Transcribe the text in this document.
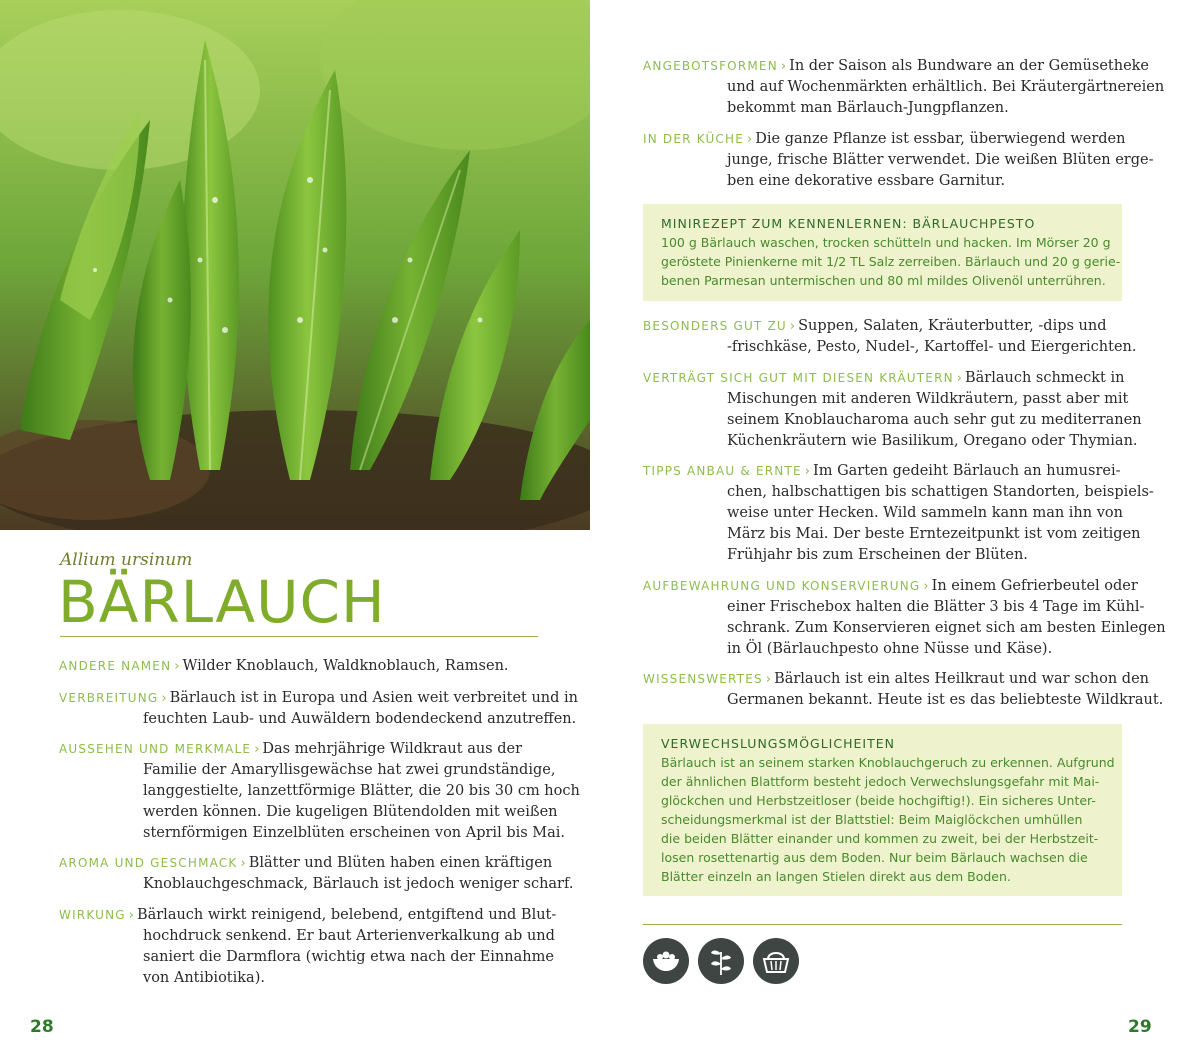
Allium ursinum
BÄRLAUCH
ANDERE NAMEN › Wilder Knoblauch, Waldknoblauch, Ramsen.
VERBREITUNG › Bärlauch ist in Europa und Asien weit verbreitet und in
feuchten Laub- und Auwäldern bodendeckend anzutreffen.
AUSSEHEN UND MERKMALE › Das mehrjährige Wildkraut aus der
Familie der Amaryllisgewächse hat zwei grundständige,
langgestielte, lanzettförmige Blätter, die 20 bis 30 cm hoch
werden können. Die kugeligen Blütendolden mit weißen
sternförmigen Einzelblüten erscheinen von April bis Mai.
AROMA UND GESCHMACK › Blätter und Blüten haben einen kräftigen
Knoblauchgeschmack, Bärlauch ist jedoch weniger scharf.
WIRKUNG › Bärlauch wirkt reinigend, belebend, entgiftend und Blut-
hochdruck senkend. Er baut Arterienverkalkung ab und
saniert die Darmflora (wichtig etwa nach der Einnahme
von Antibiotika).
28
ANGEBOTSFORMEN › In der Saison als Bundware an der Gemüsetheke
und auf Wochenmärkten erhältlich. Bei Kräutergärtnereien
bekommt man Bärlauch-Jungpflanzen.
IN DER KÜCHE › Die ganze Pflanze ist essbar, überwiegend werden
junge, frische Blätter verwendet. Die weißen Blüten erge-
ben eine dekorative essbare Garnitur.
MINIREZEPT ZUM KENNENLERNEN: BÄRLAUCHPESTO
100 g Bärlauch waschen, trocken schütteln und hacken. Im Mörser 20 g
geröstete Pinienkerne mit 1/2 TL Salz zerreiben. Bärlauch und 20 g gerie-
benen Parmesan untermischen und 80 ml mildes Olivenöl unterrühren.
BESONDERS GUT ZU › Suppen, Salaten, Kräuterbutter, -dips und
-frischkäse, Pesto, Nudel-, Kartoffel- und Eiergerichten.
VERTRÄGT SICH GUT MIT DIESEN KRÄUTERN › Bärlauch schmeckt in
Mischungen mit anderen Wildkräutern, passt aber mit
seinem Knoblaucharoma auch sehr gut zu mediterranen
Küchenkräutern wie Basilikum, Oregano oder Thymian.
TIPPS ANBAU & ERNTE › Im Garten gedeiht Bärlauch an humusrei-
chen, halbschattigen bis schattigen Standorten, beispiels-
weise unter Hecken. Wild sammeln kann man ihn von
März bis Mai. Der beste Erntezeitpunkt ist vom zeitigen
Frühjahr bis zum Erscheinen der Blüten.
AUFBEWAHRUNG UND KONSERVIERUNG › In einem Gefrierbeutel oder
einer Frischebox halten die Blätter 3 bis 4 Tage im Kühl-
schrank. Zum Konservieren eignet sich am besten Einlegen
in Öl (Bärlauchpesto ohne Nüsse und Käse).
WISSENSWERTES › Bärlauch ist ein altes Heilkraut und war schon den
Germanen bekannt. Heute ist es das beliebteste Wildkraut.
VERWECHSLUNGSMÖGLICHEITEN
Bärlauch ist an seinem starken Knoblauchgeruch zu erkennen. Aufgrund
der ähnlichen Blattform besteht jedoch Verwechslungsgefahr mit Mai-
glöckchen und Herbstzeitloser (beide hochgiftig!). Ein sicheres Unter-
scheidungsmerkmal ist der Blattstiel: Beim Maiglöckchen umhüllen
die beiden Blätter einander und kommen zu zweit, bei der Herbstzeit-
losen rosettenartig aus dem Boden. Nur beim Bärlauch wachsen die
Blätter einzeln an langen Stielen direkt aus dem Boden.
29
